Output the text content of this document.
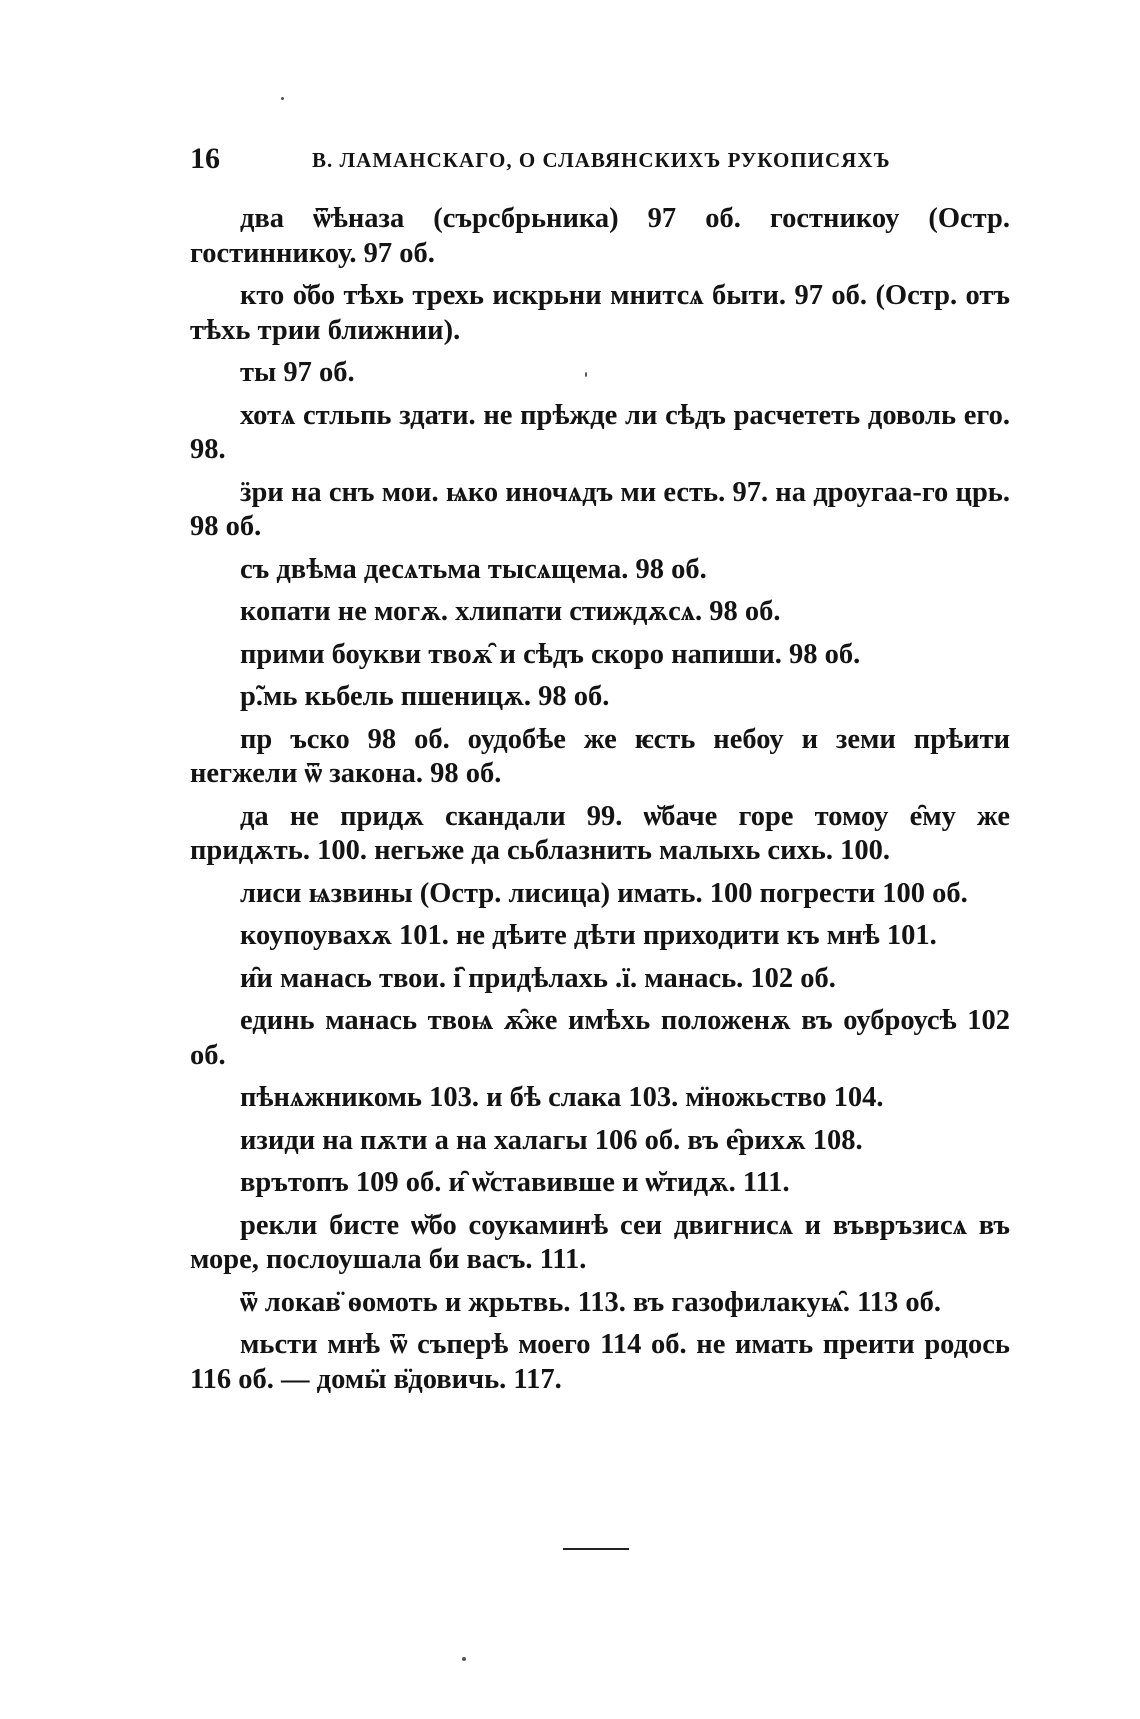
16	В. ЛАМАНСКАГО, О СЛАВЯНСКИХЪ РУКОПИСЯХЪ

два ѿѣназа (сърсбрьника) 97 об. гостникоу (Остр. гостинникоу. 97 об.

кто о̆бо тѣхь трехь искрьни мнитсѧ быти. 97 об. (Остр. отъ тѣхь трии ближнии).

ты 97 об.

хотѧ стльпь здати. не прѣжде ли сѣдъ расчететь доволь его. 98.

ӟри на снъ мои. ѩко иночѧдъ ми есть. 97. на дроугаа-го црь. 98 об.

съ двѣма десѧтьма тысѧщема. 98 об.

копати не могѫ. хлипати стиждѫсѧ. 98 об.

прими боукви твоѫ̑ и сѣдъ скоро напиши. 98 об.

р̃.мь кьбель пшеницѫ. 98 об.

пр ъско 98 об. оудобѣе же ѥсть небоу и земи прѣити негжели ѿ закона. 98 об.

да не придѫ скандали 99. ѡ̆баче горе томоу е̑му же придѫть. 100. негьже да сьблазнить малыхь сихь. 100.

лиси ѩзвины (Остр. лисица) имать. 100 погрести 100 об.

коупоувахѫ 101. не дѣите дѣти приходити къ мнѣ 101.

и̑и манась твои. і̑ придѣлахь .ї. манась. 102 об.

единь манась твоѩ ѫ̑же имѣхь положенѫ въ оуброусѣ 102 об.

пѣнѧжникомь 103. и бѣ слака 103. м̈ножьство 104.

изиди на пѫти а на халагы 106 об. въ е̑рихѫ 108.

врътопъ 109 об. и̑ ѡ̆ставивше и ѡ̆тидѫ. 111.

рекли бисте ѡ̆бо соукаминѣ сеи двигнисѧ и въвръзисѧ въ море, послоушала би васъ. 111.

ѿ локав̈ ѳомоть и жрьтвь. 113. въ газофилакуѩ̑. 113 об.

мьсти мнѣ ѿ съперѣ моего 114 об. не имать преити родось 116 об. — домӹ в̈довичь. 117.
